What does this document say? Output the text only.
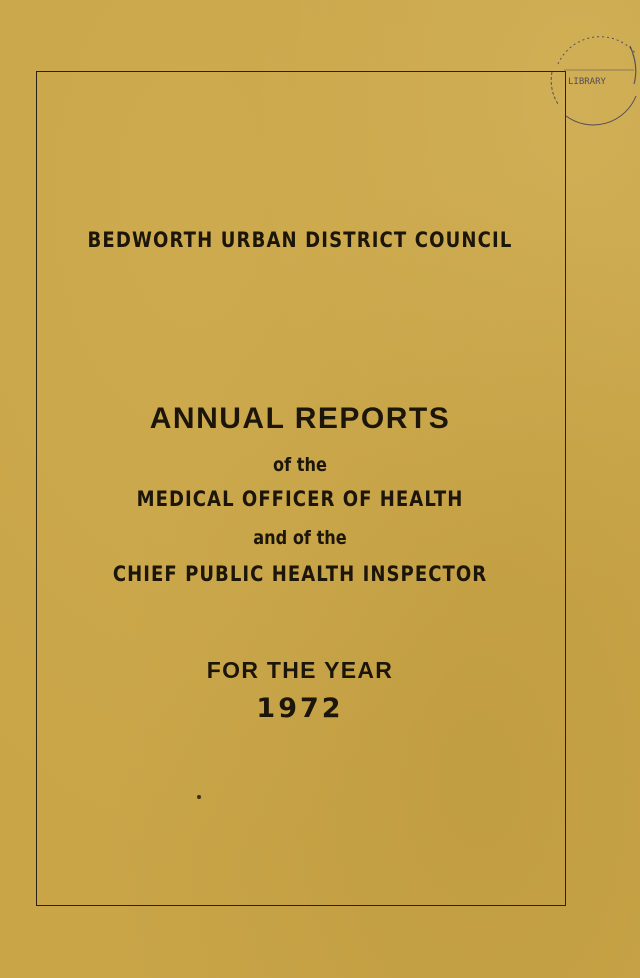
BEDWORTH URBAN DISTRICT COUNCIL
ANNUAL REPORTS
of the
MEDICAL OFFICER OF HEALTH
and of the
CHIEF PUBLIC HEALTH INSPECTOR
FOR THE YEAR
1972
LIBRARY
